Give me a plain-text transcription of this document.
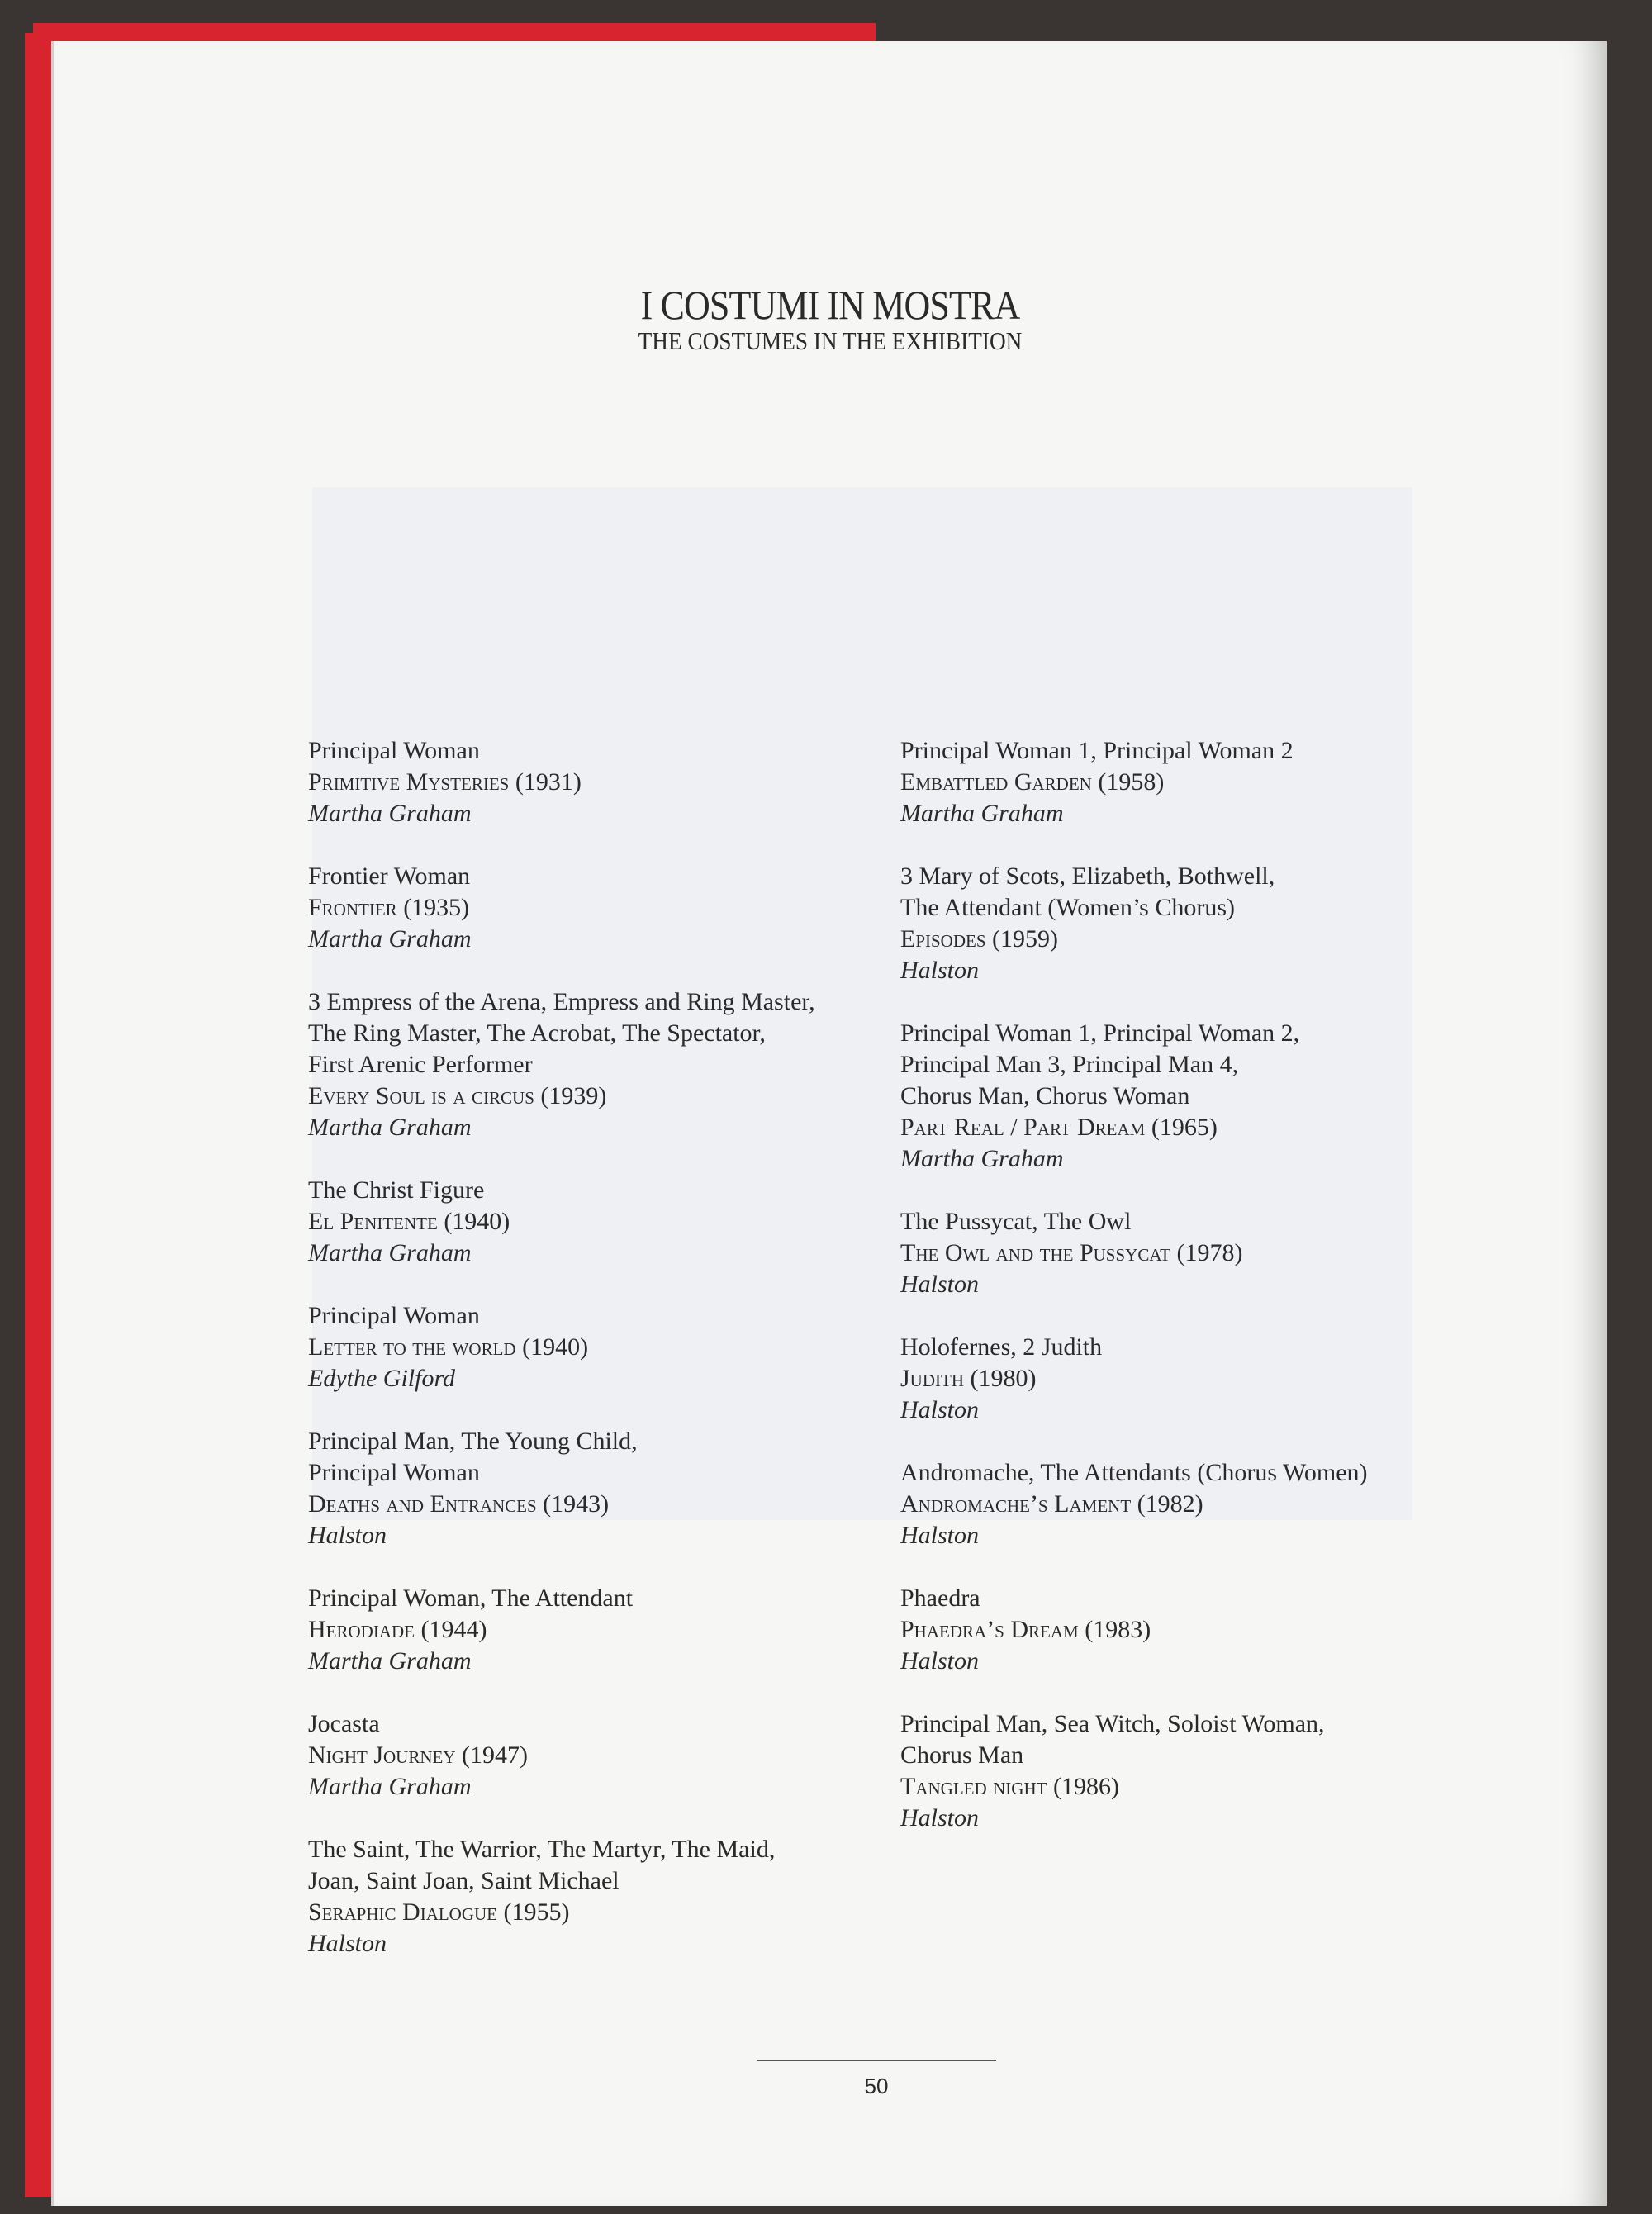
I COSTUMI IN MOSTRA
THE COSTUMES IN THE EXHIBITION
Principal Woman
Primitive Mysteries (1931)
Martha Graham
Frontier Woman
Frontier (1935)
Martha Graham
3 Empress of the Arena, Empress and Ring Master,
The Ring Master, The Acrobat, The Spectator,
First Arenic Performer
Every Soul is a circus (1939)
Martha Graham
The Christ Figure
El Penitente (1940)
Martha Graham
Principal Woman
Letter to the world (1940)
Edythe Gilford
Principal Man, The Young Child,
Principal Woman
Deaths and Entrances (1943)
Halston
Principal Woman, The Attendant
Herodiade (1944)
Martha Graham
Jocasta
Night Journey (1947)
Martha Graham
The Saint, The Warrior, The Martyr, The Maid,
Joan, Saint Joan, Saint Michael
Seraphic Dialogue (1955)
Halston
Principal Woman 1, Principal Woman 2
Embattled Garden (1958)
Martha Graham
3 Mary of Scots, Elizabeth, Bothwell,
The Attendant (Women’s Chorus)
Episodes (1959)
Halston
Principal Woman 1, Principal Woman 2,
Principal Man 3, Principal Man 4,
Chorus Man, Chorus Woman
Part Real / Part Dream (1965)
Martha Graham
The Pussycat, The Owl
The Owl and the Pussycat (1978)
Halston
Holofernes, 2 Judith
Judith (1980)
Halston
Andromache, The Attendants (Chorus Women)
Andromache’s Lament (1982)
Halston
Phaedra
Phaedra’s Dream (1983)
Halston
Principal Man, Sea Witch, Soloist Woman,
Chorus Man
Tangled night (1986)
Halston
50
